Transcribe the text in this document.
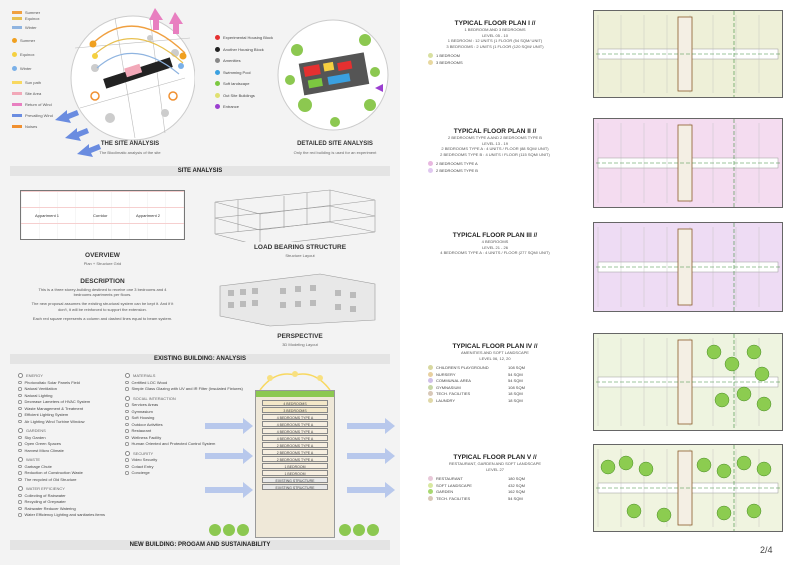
Summer
Equinox
Winter
Summer
Equinox
Winter
Sun path
Site Area
Return of Wind
Prevailing Wind
Noises
THE SITE ANALYSIS
The Bioclimatic analysis of the site
Experimental Housing Block
Another Housing Block
Amenities
Swimming Pool
Soft landscape
Out Site Buildings
Entrance
DETAILED SITE ANALYSIS
Only the red building is used for an experiment
SITE ANALYSIS
Appartment 1	Corridor	Appartment 2
OVERVIEW
Plan + Structure Grid
LOAD BEARING STRUCTURE
Structure Layout
DESCRIPTION

This is a three storey-building destined to receive one 3 bedrooms and 4 bedrooms apartments per floors.

The new proposal assumes the existing structural system can be kept it. And if it don't, it will be reinforced to support the extension.

Each red square represents a column and dashed lines equal to beam system.

PERSPECTIVE
3D Modeling Layout
EXISTING BUILDING: ANALYSIS
ENERGY
Photovoltaic Solar Panels Field
Natural Ventilation
Natural Lighting
Decrease Lameters of HVAC System
Waste Management & Treatment
Efficient Lighting System
Air Lighting Wind Turbine Window
GARDENS
Sky Garden
Open Green Spaces
Harvest Micro Climate
WASTE
Garbage Chute
Reduction of Construction Waste
The recycled of Old Structure
WATER EFFICIENCY
Collecting of Rainwater
Recycling of Greywater
Rainwater Reducer Watering
Water Efficiency Lighting and sanitaries items
MATERIALS
Certified LOC Wood
Simple Glass Glazing with UV and IR Filter (Insulated Fixtures)
SOCIAL INTERACTION
Services Areas
Gymnasium
Soft Housing
Outdoor Activities
Restaurant
Wellness Facility
Human Oriented and Protected Control System
SECURITY
Video Security
Cotact Entry
Concierge
4 BEDROOMS
3 BEDROOMS
4 BEDROOMS TYPE A
4 BEDROOMS TYPE A
4 BEDROOMS TYPE A
4 BEDROOMS TYPE A
2 BEDROOMS TYPE A
2 BEDROOMS TYPE A
2 BEDROOMS TYPE A
1 BEDROOM
1 BEDROOM
EXISTING STRUCTURE
EXISTING STRUCTURE
NEW BUILDING: PROGAM AND SUSTAINABILITY
TYPICAL FLOOR PLAN I //
1 BEDROOM AND 3 BEDROOMS
LEVEL 05 - 10
1 BEDROOM : 12 UNITS (1 FLOOR (54 SQM/ UNIT)
3 BEDROOMS : 2 UNITS (1 FLOOR (120 SQM/ UNIT)
1 BEDROOM
3 BEDROOMS
TYPICAL FLOOR PLAN II //
2 BEDROOMS TYPE A AND 2 BEDROOMS TYPE B
LEVEL 13 - 19
2 BEDROOMS TYPE A : 4 UNITS / FLOOR (88 SQM/ UNIT)
2 BEDROOMS TYPE B : 4 UNITS / FLOOR (115 SQM/ UNIT)
2 BEDROOMS TYPE A
2 BEDROOMS TYPE B
TYPICAL FLOOR PLAN III //
4 BEDROOMS
LEVEL 21 - 26
4 BEDROOMS TYPE A : 4 UNITS / FLOOR (277 SQM/ UNIT)
TYPICAL FLOOR PLAN IV //
AMENITIES AND SOFT LANDSCAPE
LEVEL 06, 12, 20
CHILDREN'S PLAYGROUND	108 SQM
NURSERY	54 SQM
COMMUNAL AREA	54 SQM
GYMNASIUM	108 SQM
TECH. FACILITIES	18 SQM
LAUNDRY	18 SQM
TYPICAL FLOOR PLAN V //
RESTAURANT, GARDEN AND SOFT LANDSCAPE
LEVEL 27
RESTAURANT	180 SQM
SOFT LANDSCAPE	432 SQM
GARDEN	162 SQM
TECH. FACILITIES	54 SQM
2/4
